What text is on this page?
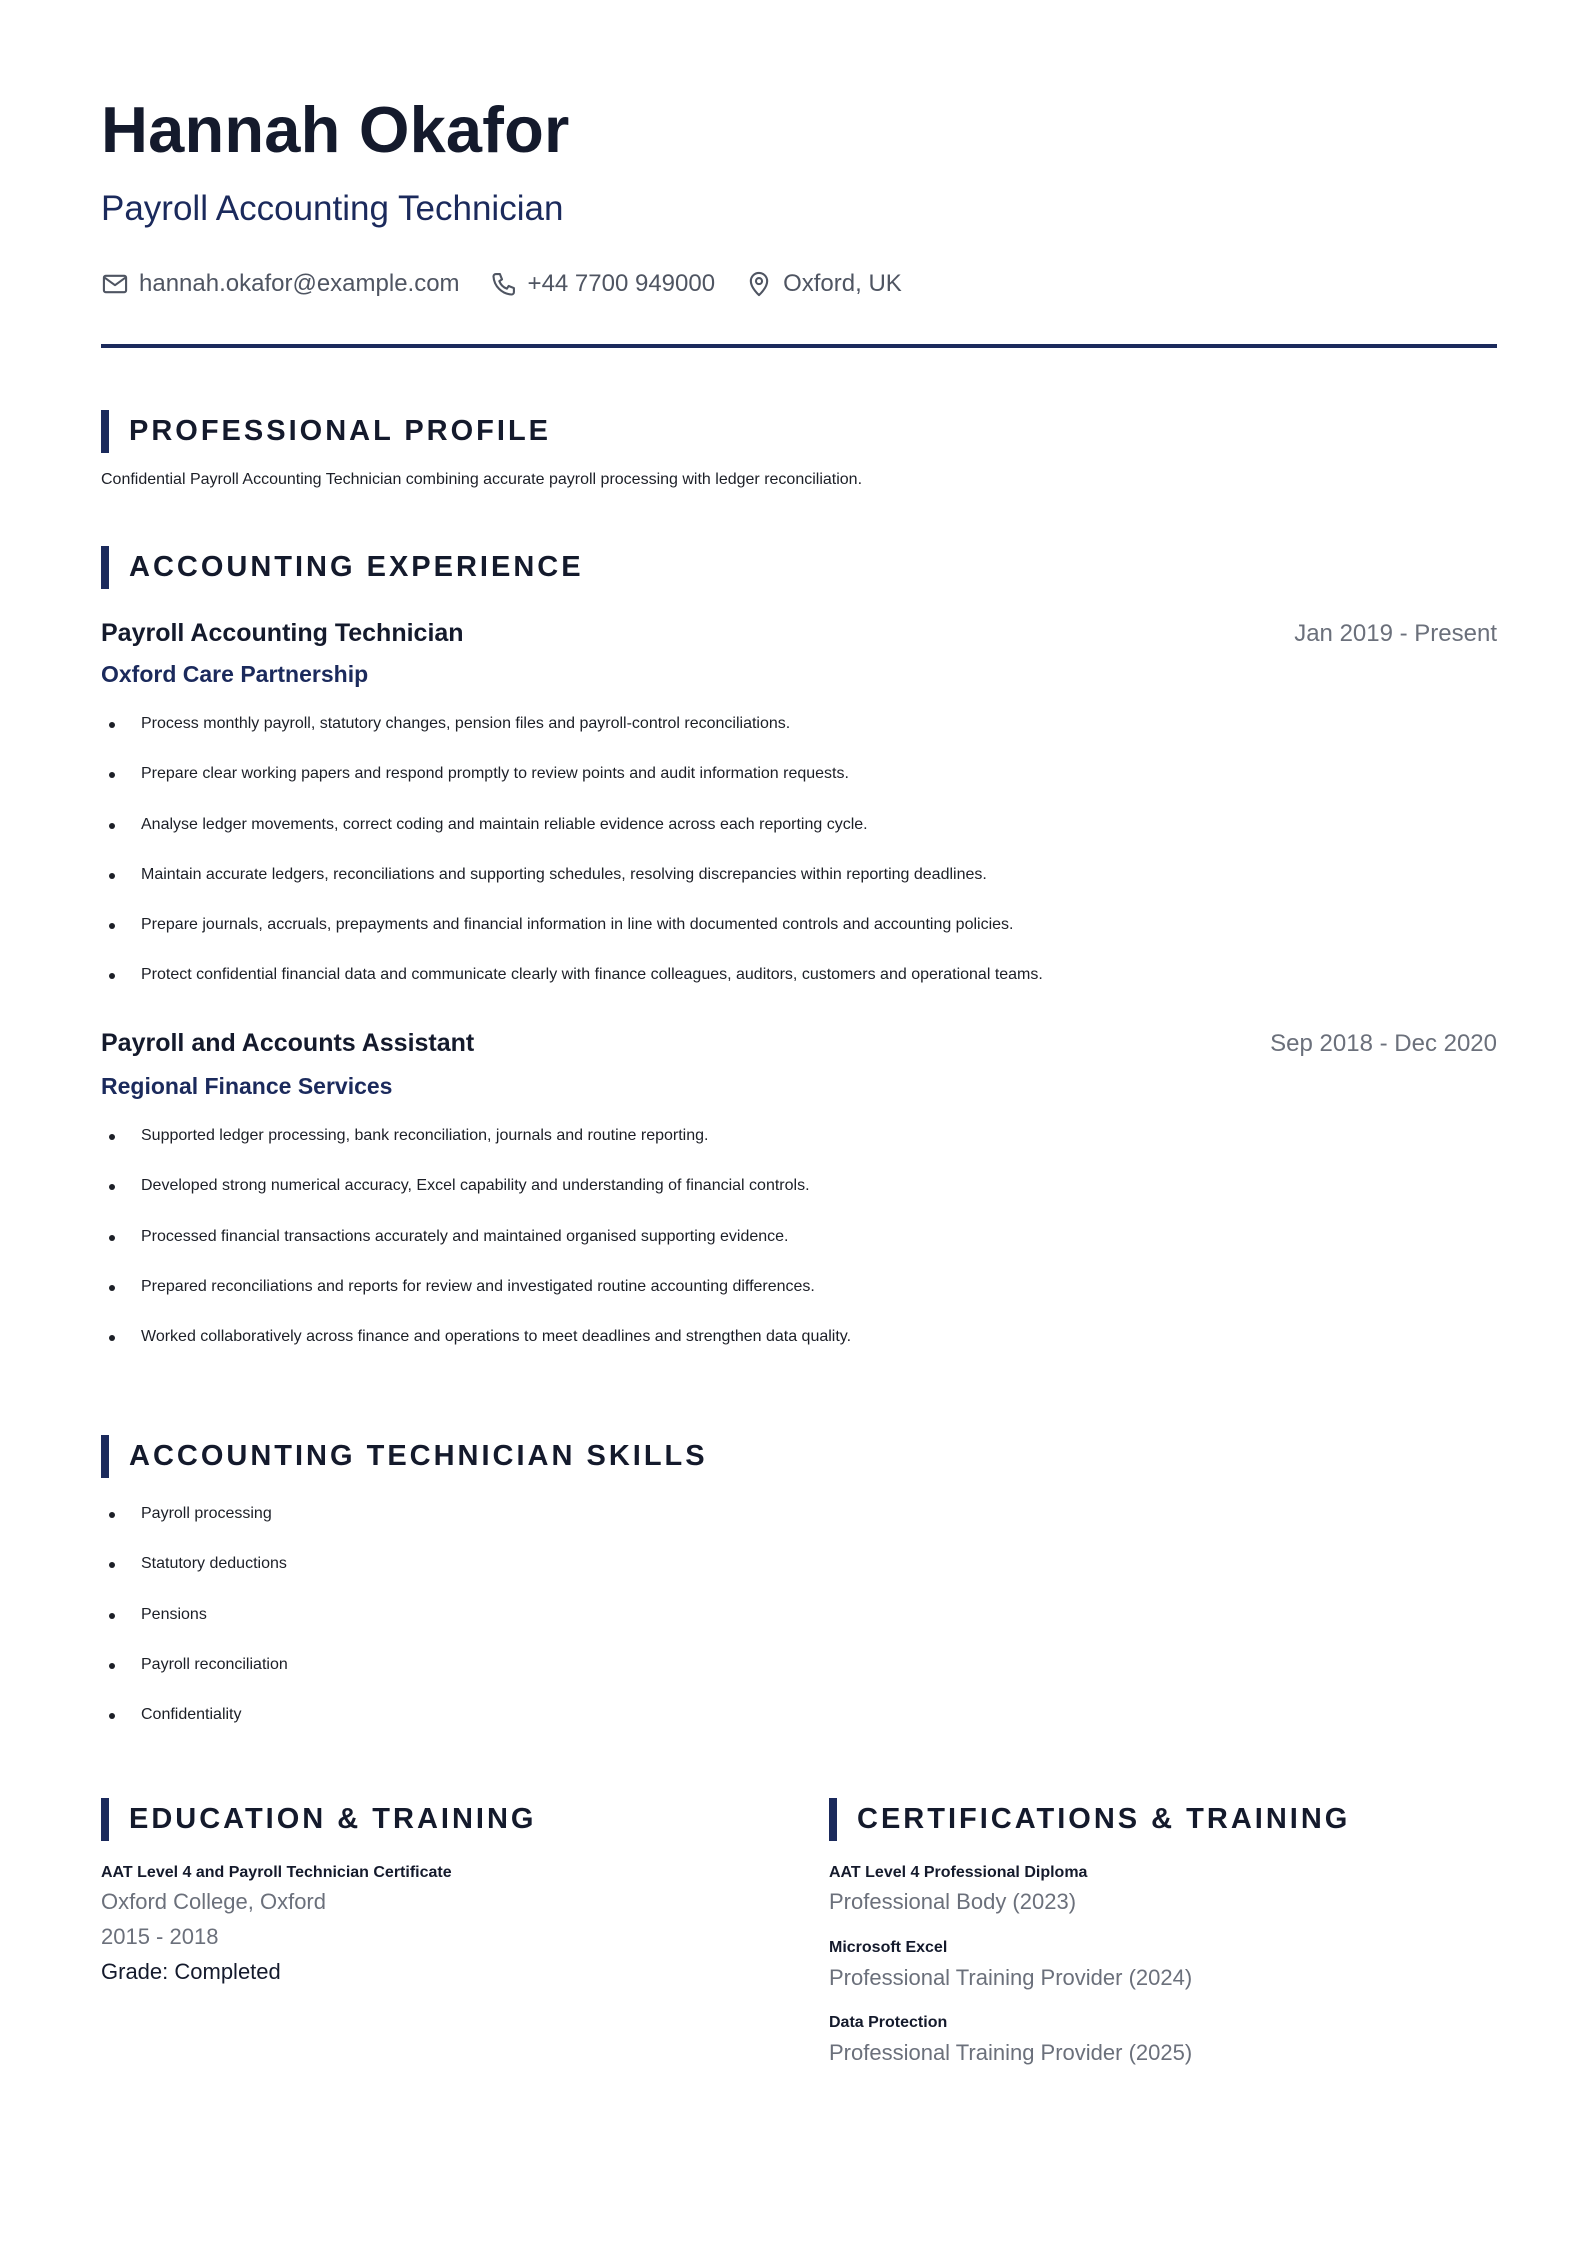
Hannah Okafor
Payroll Accounting Technician
hannah.okafor@example.com	+44 7700 949000	Oxford, UK
PROFESSIONAL PROFILE

Confidential Payroll Accounting Technician combining accurate payroll processing with ledger reconciliation.

ACCOUNTING EXPERIENCE
Payroll Accounting Technician	Jan 2019 - Present

Oxford Care Partnership

Process monthly payroll, statutory changes, pension files and payroll-control reconciliations.
Prepare clear working papers and respond promptly to review points and audit information requests.
Analyse ledger movements, correct coding and maintain reliable evidence across each reporting cycle.
Maintain accurate ledgers, reconciliations and supporting schedules, resolving discrepancies within reporting deadlines.
Prepare journals, accruals, prepayments and financial information in line with documented controls and accounting policies.
Protect confidential financial data and communicate clearly with finance colleagues, auditors, customers and operational teams.
Payroll and Accounts Assistant	Sep 2018 - Dec 2020

Regional Finance Services

Supported ledger processing, bank reconciliation, journals and routine reporting.
Developed strong numerical accuracy, Excel capability and understanding of financial controls.
Processed financial transactions accurately and maintained organised supporting evidence.
Prepared reconciliations and reports for review and investigated routine accounting differences.
Worked collaboratively across finance and operations to meet deadlines and strengthen data quality.
ACCOUNTING TECHNICIAN SKILLS
Payroll processing
Statutory deductions
Pensions
Payroll reconciliation
Confidentiality
EDUCATION & TRAINING

AAT Level 4 and Payroll Technician Certificate

Oxford College, Oxford

2015 - 2018

Grade: Completed

CERTIFICATIONS & TRAINING

AAT Level 4 Professional Diploma

Professional Body (2023)

Microsoft Excel

Professional Training Provider (2024)

Data Protection

Professional Training Provider (2025)
